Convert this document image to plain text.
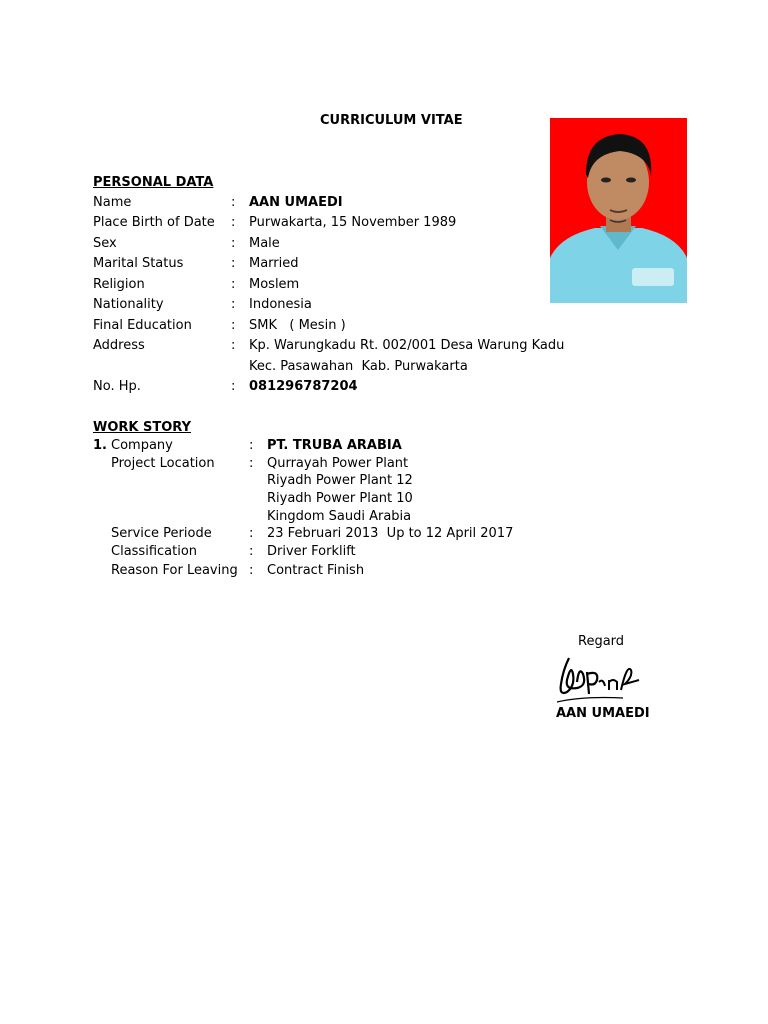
CURRICULUM VITAE
PERSONAL DATA
Name	: AAN UMAEDI
Place Birth of Date : Purwakarta, 15 November 1989
Sex	: Male
Marital Status	: Married
Religion	: Moslem
Nationality	: Indonesia
Final Education	: SMK   ( Mesin )
Address	: Kp. Warungkadu Rt. 002/001 Desa Warung Kadu
Kec. Pasawahan  Kab. Purwakarta
No. Hp.	: 081296787204
WORK STORY
1. Company	: PT. TRUBA ARABIA
Project Location	: Qurrayah Power Plant
Riyadh Power Plant 12
Riyadh Power Plant 10
Kingdom Saudi Arabia
Service Periode	: 23 Februari 2013  Up to 12 April 2017
Classification	: Driver Forklift
Reason For Leaving : Contract Finish
Regard
AAN UMAEDI
